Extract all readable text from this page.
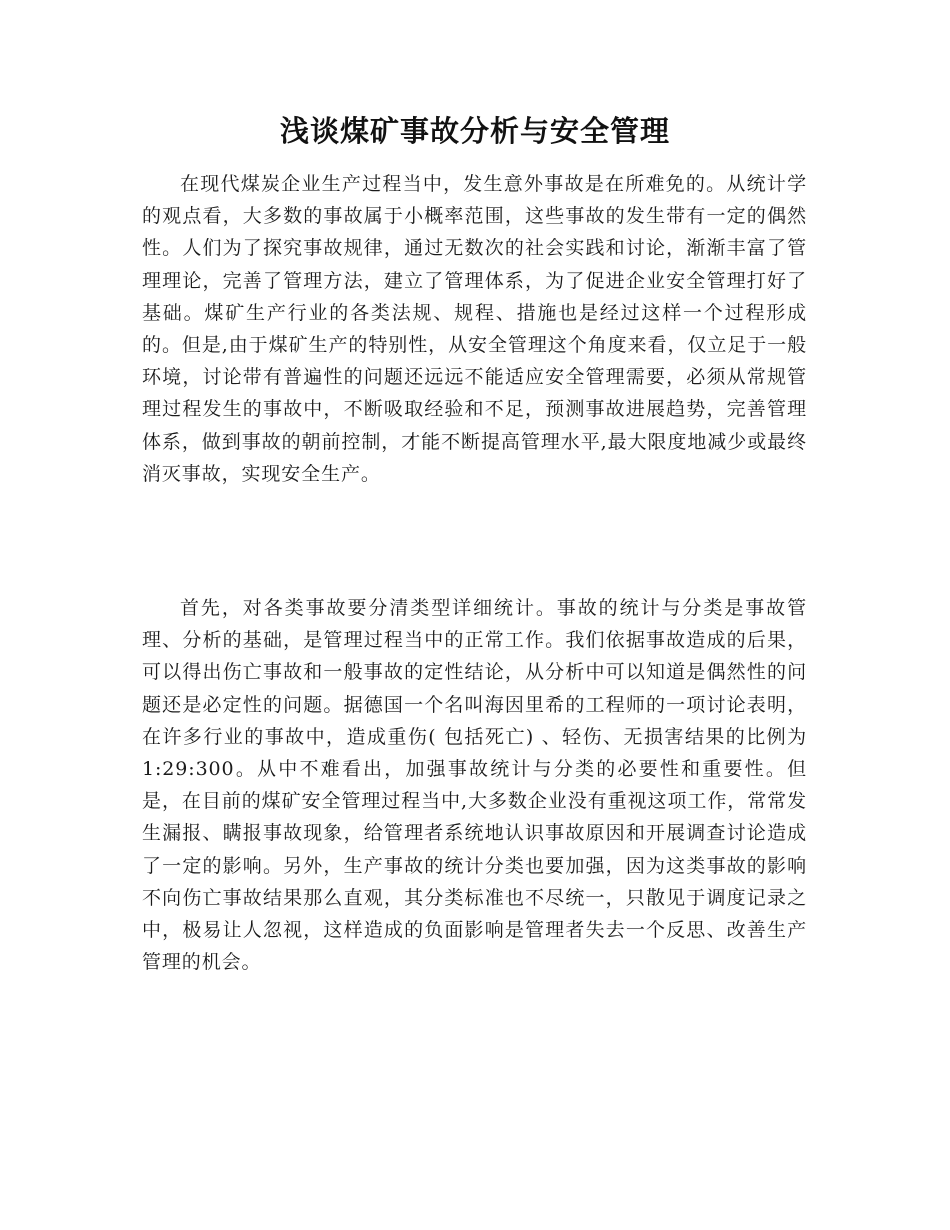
浅谈煤矿事故分析与安全管理

在现代煤炭企业生产过程当中，发生意外事故是在所难免的。从统计学的观点看，大多数的事故属于小概率范围，这些事故的发生带有一定的偶然性。人们为了探究事故规律，通过无数次的社会实践和讨论，渐渐丰富了管理理论，完善了管理方法，建立了管理体系，为了促进企业安全管理打好了基础。煤矿生产行业的各类法规、规程、措施也是经过这样一个过程形成的。但是,由于煤矿生产的特别性，从安全管理这个角度来看，仅立足于一般环境，讨论带有普遍性的问题还远远不能适应安全管理需要，必须从常规管理过程发生的事故中，不断吸取经验和不足，预测事故进展趋势，完善管理体系，做到事故的朝前控制，才能不断提高管理水平,最大限度地减少或最终消灭事故，实现安全生产。

首先，对各类事故要分清类型详细统计。事故的统计与分类是事故管理、分析的基础，是管理过程当中的正常工作。我们依据事故造成的后果，可以得出伤亡事故和一般事故的定性结论，从分析中可以知道是偶然性的问题还是必定性的问题。据德国一个名叫海因里希的工程师的一项讨论表明，在许多行业的事故中，造成重伤( 包括死亡) 、轻伤、无损害结果的比例为1:29:300。从中不难看出，加强事故统计与分类的必要性和重要性。但是，在目前的煤矿安全管理过程当中,大多数企业没有重视这项工作，常常发生漏报、瞒报事故现象，给管理者系统地认识事故原因和开展调查讨论造成了一定的影响。另外，生产事故的统计分类也要加强，因为这类事故的影响不向伤亡事故结果那么直观，其分类标准也不尽统一，只散见于调度记录之中，极易让人忽视，这样造成的负面影响是管理者失去一个反思、改善生产管理的机会。
